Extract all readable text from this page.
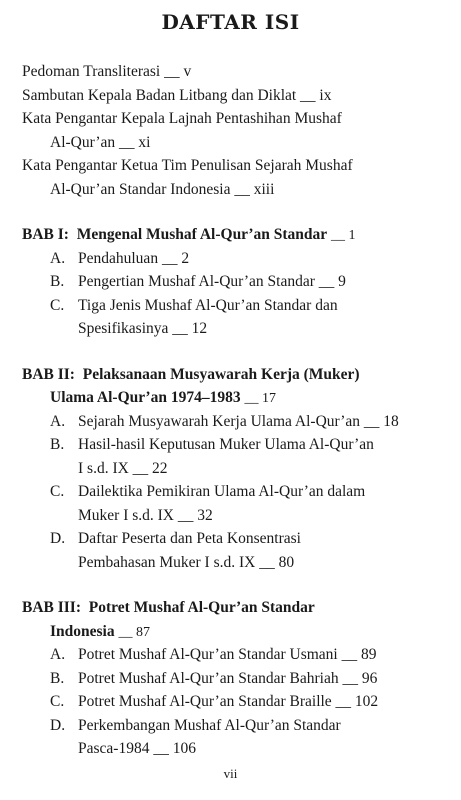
DAFTAR ISI
Pedoman Transliterasi __ v
Sambutan Kepala Badan Litbang dan Diklat __ ix
Kata Pengantar Kepala Lajnah Pentashihan Mushaf
Al-Qur’an __ xi
Kata Pengantar Ketua Tim Penulisan Sejarah Mushaf
Al-Qur’an Standar Indonesia __ xiii
BAB I: Mengenal Mushaf Al-Qur’an Standar __ 1
A. Pendahuluan __ 2
B. Pengertian Mushaf Al-Qur’an Standar __ 9
C. Tiga Jenis Mushaf Al-Qur’an Standar dan
Spesifikasinya __ 12
BAB II: Pelaksanaan Musyawarah Kerja (Muker)
Ulama Al-Qur’an 1974–1983 __ 17
A. Sejarah Musyawarah Kerja Ulama Al-Qur’an __ 18
B. Hasil-hasil Keputusan Muker Ulama Al-Qur’an
I s.d. IX __ 22
C. Dailektika Pemikiran Ulama Al-Qur’an dalam
Muker I s.d. IX __ 32
D. Daftar Peserta dan Peta Konsentrasi
Pembahasan Muker I s.d. IX __ 80
BAB III: Potret Mushaf Al-Qur’an Standar
Indonesia __ 87
A. Potret Mushaf Al-Qur’an Standar Usmani __ 89
B. Potret Mushaf Al-Qur’an Standar Bahriah __ 96
C. Potret Mushaf Al-Qur’an Standar Braille __ 102
D. Perkembangan Mushaf Al-Qur’an Standar
Pasca-1984 __ 106
vii
